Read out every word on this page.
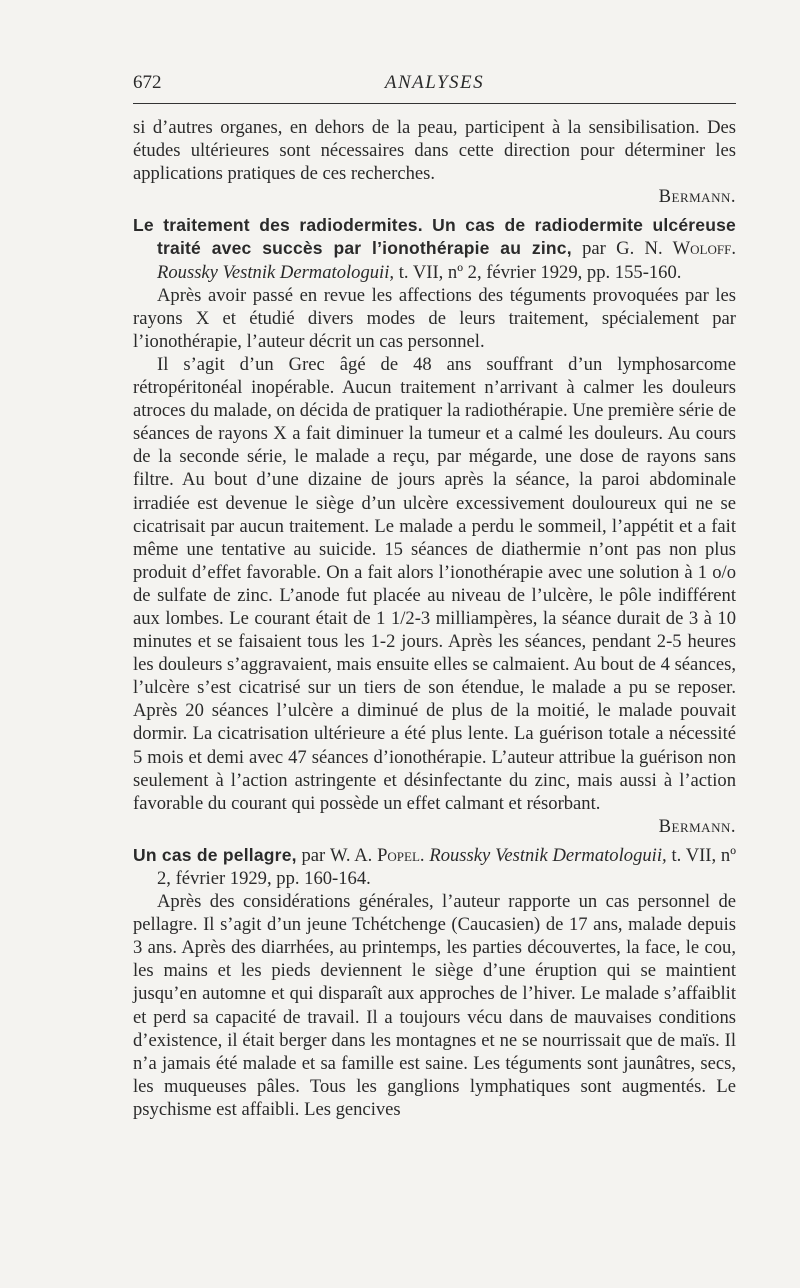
672	ANALYSES

si d’autres organes, en dehors de la peau, participent à la sensibilisation. Des études ultérieures sont nécessaires dans cette direction pour déterminer les applications pratiques de ces recherches.

Bermann.

Le traitement des radiodermites. Un cas de radiodermite ulcéreuse traité avec succès par l’ionothérapie au zinc, par G. N. Woloff. Roussky Vestnik Dermatologuii, t. VII, nº 2, février 1929, pp. 155-160.

Après avoir passé en revue les affections des téguments provoquées par les rayons X et étudié divers modes de leurs traitement, spécialement par l’ionothérapie, l’auteur décrit un cas personnel.

Il s’agit d’un Grec âgé de 48 ans souffrant d’un lymphosarcome rétropéritonéal inopérable. Aucun traitement n’arrivant à calmer les douleurs atroces du malade, on décida de pratiquer la radiothérapie. Une première série de séances de rayons X a fait diminuer la tumeur et a calmé les douleurs. Au cours de la seconde série, le malade a reçu, par mégarde, une dose de rayons sans filtre. Au bout d’une dizaine de jours après la séance, la paroi abdominale irradiée est devenue le siège d’un ulcère excessivement douloureux qui ne se cicatrisait par aucun traitement. Le malade a perdu le sommeil, l’appétit et a fait même une tentative au suicide. 15 séances de diathermie n’ont pas non plus produit d’effet favorable. On a fait alors l’ionothérapie avec une solution à 1 o/o de sulfate de zinc. L’anode fut placée au niveau de l’ulcère, le pôle indifférent aux lombes. Le courant était de 1 1/2-3 milliampères, la séance durait de 3 à 10 minutes et se faisaient tous les 1-2 jours. Après les séances, pendant 2-5 heures les douleurs s’aggravaient, mais ensuite elles se calmaient. Au bout de 4 séances, l’ulcère s’est cicatrisé sur un tiers de son étendue, le malade a pu se reposer. Après 20 séances l’ulcère a diminué de plus de la moitié, le malade pouvait dormir. La cicatrisation ultérieure a été plus lente. La guérison totale a nécessité 5 mois et demi avec 47 séances d’ionothérapie. L’auteur attribue la guérison non seulement à l’action astringente et désinfectante du zinc, mais aussi à l’action favorable du courant qui possède un effet calmant et résorbant.

Bermann.

Un cas de pellagre, par W. A. Popel. Roussky Vestnik Dermatologuii, t. VII, nº 2, février 1929, pp. 160-164.

Après des considérations générales, l’auteur rapporte un cas personnel de pellagre. Il s’agit d’un jeune Tchétchenge (Caucasien) de 17 ans, malade depuis 3 ans. Après des diarrhées, au printemps, les parties découvertes, la face, le cou, les mains et les pieds deviennent le siège d’une éruption qui se maintient jusqu’en automne et qui disparaît aux approches de l’hiver. Le malade s’affaiblit et perd sa capacité de travail. Il a toujours vécu dans de mauvaises conditions d’existence, il était berger dans les montagnes et ne se nourrissait que de maïs. Il n’a jamais été malade et sa famille est saine. Les téguments sont jaunâtres, secs, les muqueuses pâles. Tous les ganglions lymphatiques sont augmentés. Le psychisme est affaibli. Les gencives
